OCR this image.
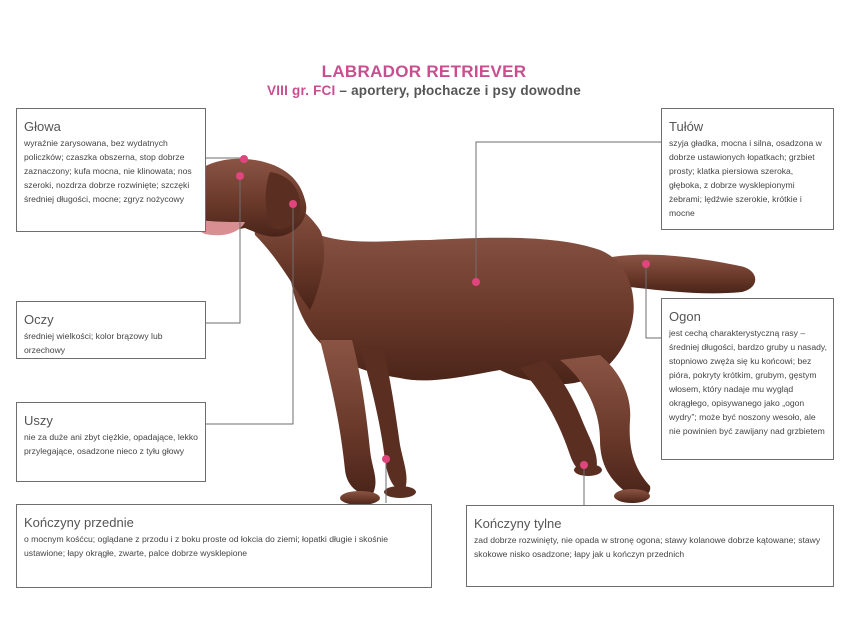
LABRADOR RETRIEVER
VIII gr. FCI – aportery, płochacze i psy dowodne
Głowa
wyraźnie zarysowana, bez wydatnych policzków; czaszka obszerna, stop dobrze zaznaczony; kufa mocna, nie klinowata; nos szeroki, nozdrza dobrze rozwinięte; szczęki średniej długości, mocne; zgryz nożycowy
Oczy
średniej wielkości; kolor brązowy lub orzechowy
Uszy
nie za duże ani zbyt ciężkie, opadające, lekko przylegające, osadzone nieco z tyłu głowy
Kończyny przednie
o mocnym kośćcu; oglądane z przodu i z boku proste od łokcia do ziemi; łopatki długie i skośnie ustawione; łapy okrągłe, zwarte, palce dobrze wysklepione
Tułów
szyja gładka, mocna i silna, osadzona w dobrze ustawionych łopatkach; grzbiet prosty; klatka piersiowa szeroka, głęboka, z dobrze wysklepionymi żebrami; lędźwie szerokie, krótkie i mocne
Ogon
jest cechą charakterystyczną rasy – średniej długości, bardzo gruby u nasady, stopniowo zwęża się ku końcowi; bez pióra, pokryty krótkim, grubym, gęstym włosem, który nadaje mu wygląd okrągłego, opisywanego jako „ogon wydry”; może być noszony wesoło, ale nie powinien być zawijany nad grzbietem
Kończyny tylne
zad dobrze rozwinięty, nie opada w stronę ogona; stawy kolanowe dobrze kątowane; stawy skokowe nisko osadzone; łapy jak u kończyn przednich
